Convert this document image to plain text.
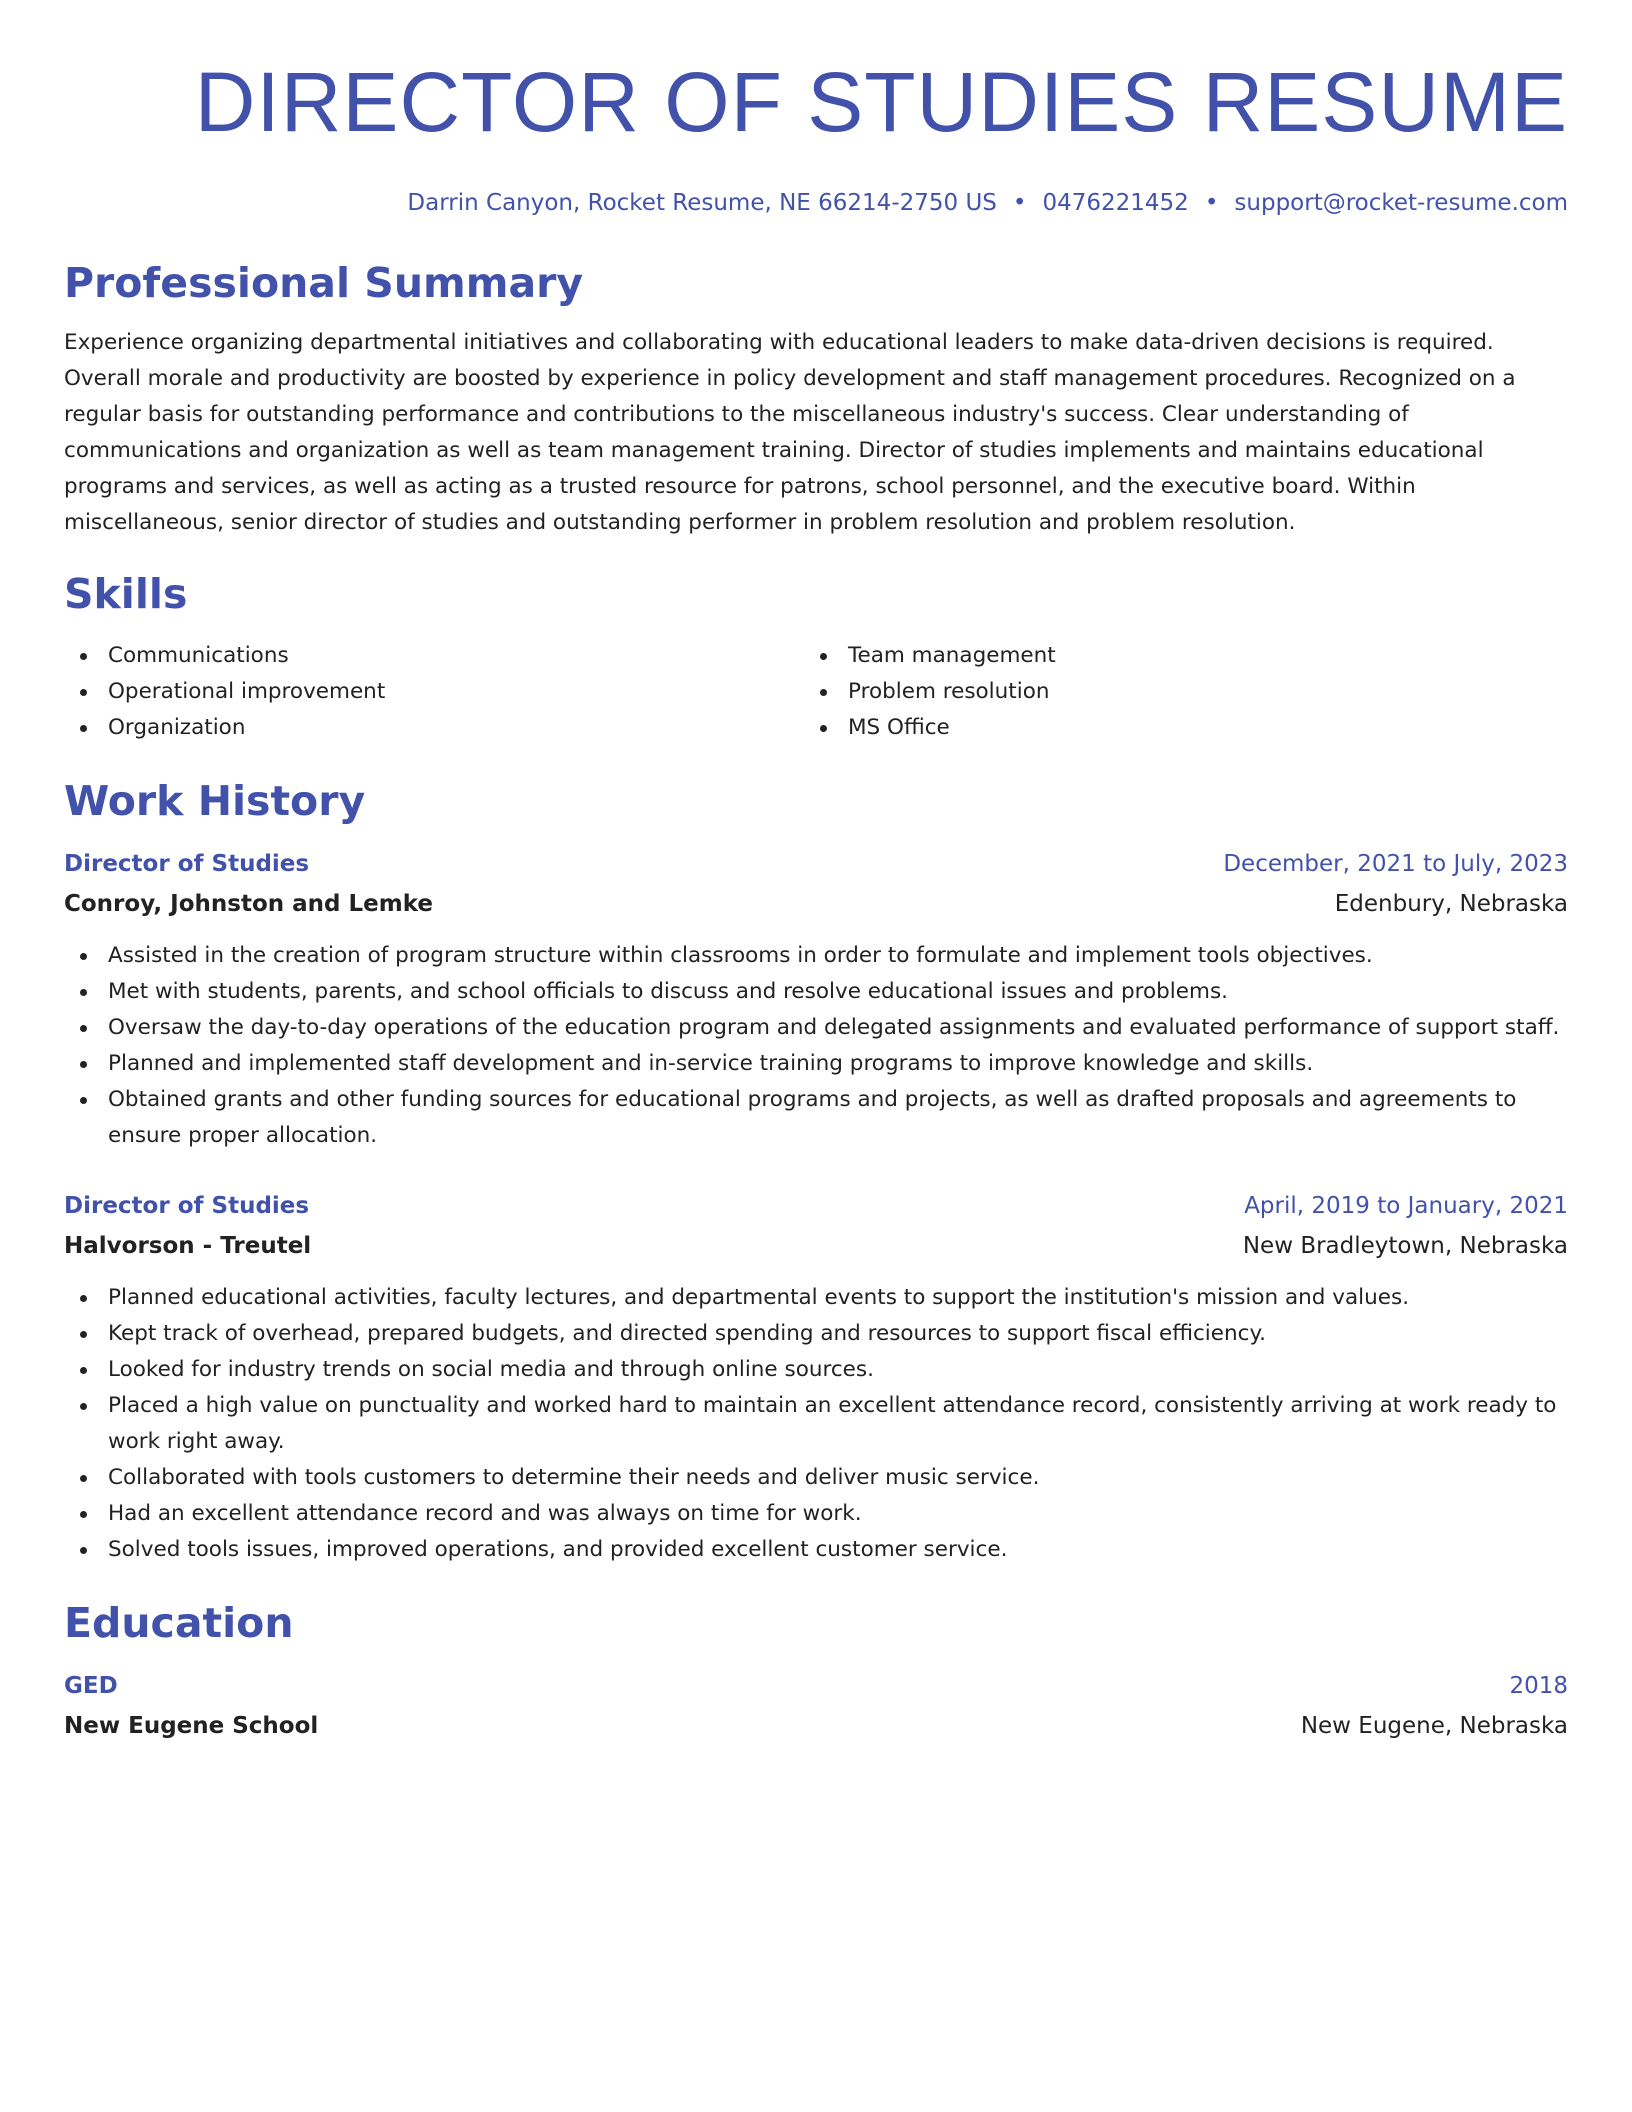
DIRECTOR OF STUDIES RESUME
Darrin Canyon, Rocket Resume, NE 66214-2750 US • 0476221452 • support@rocket-resume.com
Professional Summary

Experience organizing departmental initiatives and collaborating with educational leaders to make data-driven decisions is required. Overall morale and productivity are boosted by experience in policy development and staff management procedures. Recognized on a regular basis for outstanding performance and contributions to the miscellaneous industry's success. Clear understanding of communications and organization as well as team management training. Director of studies implements and maintains educational programs and services, as well as acting as a trusted resource for patrons, school personnel, and the executive board. Within miscellaneous, senior director of studies and outstanding performer in problem resolution and problem resolution.

Skills
Communications
Operational improvement
Organization
Team management
Problem resolution
MS Office
Work History
Director of Studies	December, 2021 to July, 2023
Conroy, Johnston and Lemke	Edenbury, Nebraska
Assisted in the creation of program structure within classrooms in order to formulate and implement tools objectives.
Met with students, parents, and school officials to discuss and resolve educational issues and problems.
Oversaw the day-to-day operations of the education program and delegated assignments and evaluated performance of support staff.
Planned and implemented staff development and in-service training programs to improve knowledge and skills.
Obtained grants and other funding sources for educational programs and projects, as well as drafted proposals and agreements to ensure proper allocation.
Director of Studies	April, 2019 to January, 2021
Halvorson - Treutel	New Bradleytown, Nebraska
Planned educational activities, faculty lectures, and departmental events to support the institution's mission and values.
Kept track of overhead, prepared budgets, and directed spending and resources to support fiscal efficiency.
Looked for industry trends on social media and through online sources.
Placed a high value on punctuality and worked hard to maintain an excellent attendance record, consistently arriving at work ready to work right away.
Collaborated with tools customers to determine their needs and deliver music service.
Had an excellent attendance record and was always on time for work.
Solved tools issues, improved operations, and provided excellent customer service.
Education
GED	2018
New Eugene School	New Eugene, Nebraska
